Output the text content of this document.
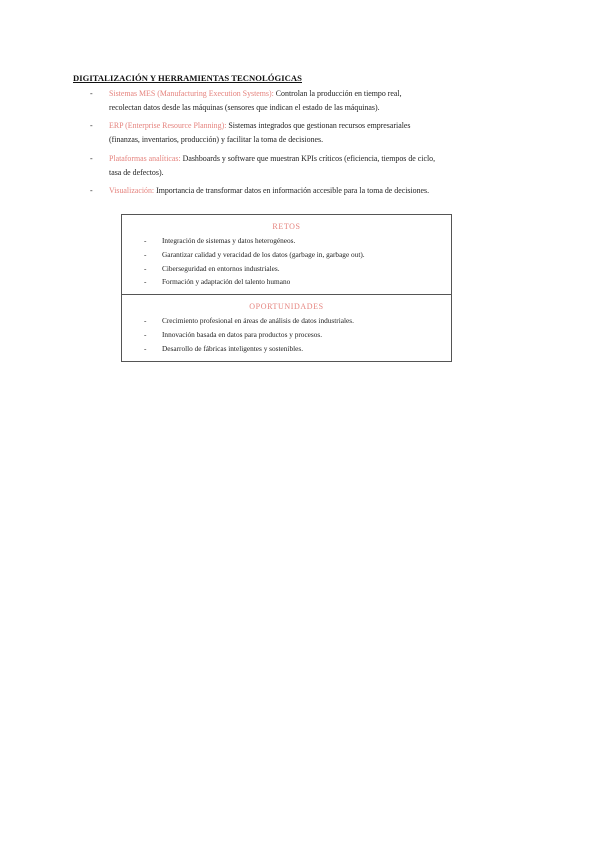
DIGITALIZACIÓN Y HERRAMIENTAS TECNOLÓGICAS
- Sistemas MES (Manufacturing Execution Systems): Controlan la producción en tiempo real,
recolectan datos desde las máquinas (sensores que indican el estado de las máquinas).
- ERP (Enterprise Resource Planning): Sistemas integrados que gestionan recursos empresariales
(finanzas, inventarios, producción) y facilitar la toma de decisiones.
- Plataformas analíticas: Dashboards y software que muestran KPIs críticos (eficiencia, tiempos de ciclo,
tasa de defectos).
- Visualización: Importancia de transformar datos en información accesible para la toma de decisiones.
RETOS
- Integración de sistemas y datos heterogéneos.
- Garantizar calidad y veracidad de los datos (garbage in, garbage out).
- Ciberseguridad en entornos industriales.
- Formación y adaptación del talento humano
OPORTUNIDADES
- Crecimiento profesional en áreas de análisis de datos industriales.
- Innovación basada en datos para productos y procesos.
- Desarrollo de fábricas inteligentes y sostenibles.
